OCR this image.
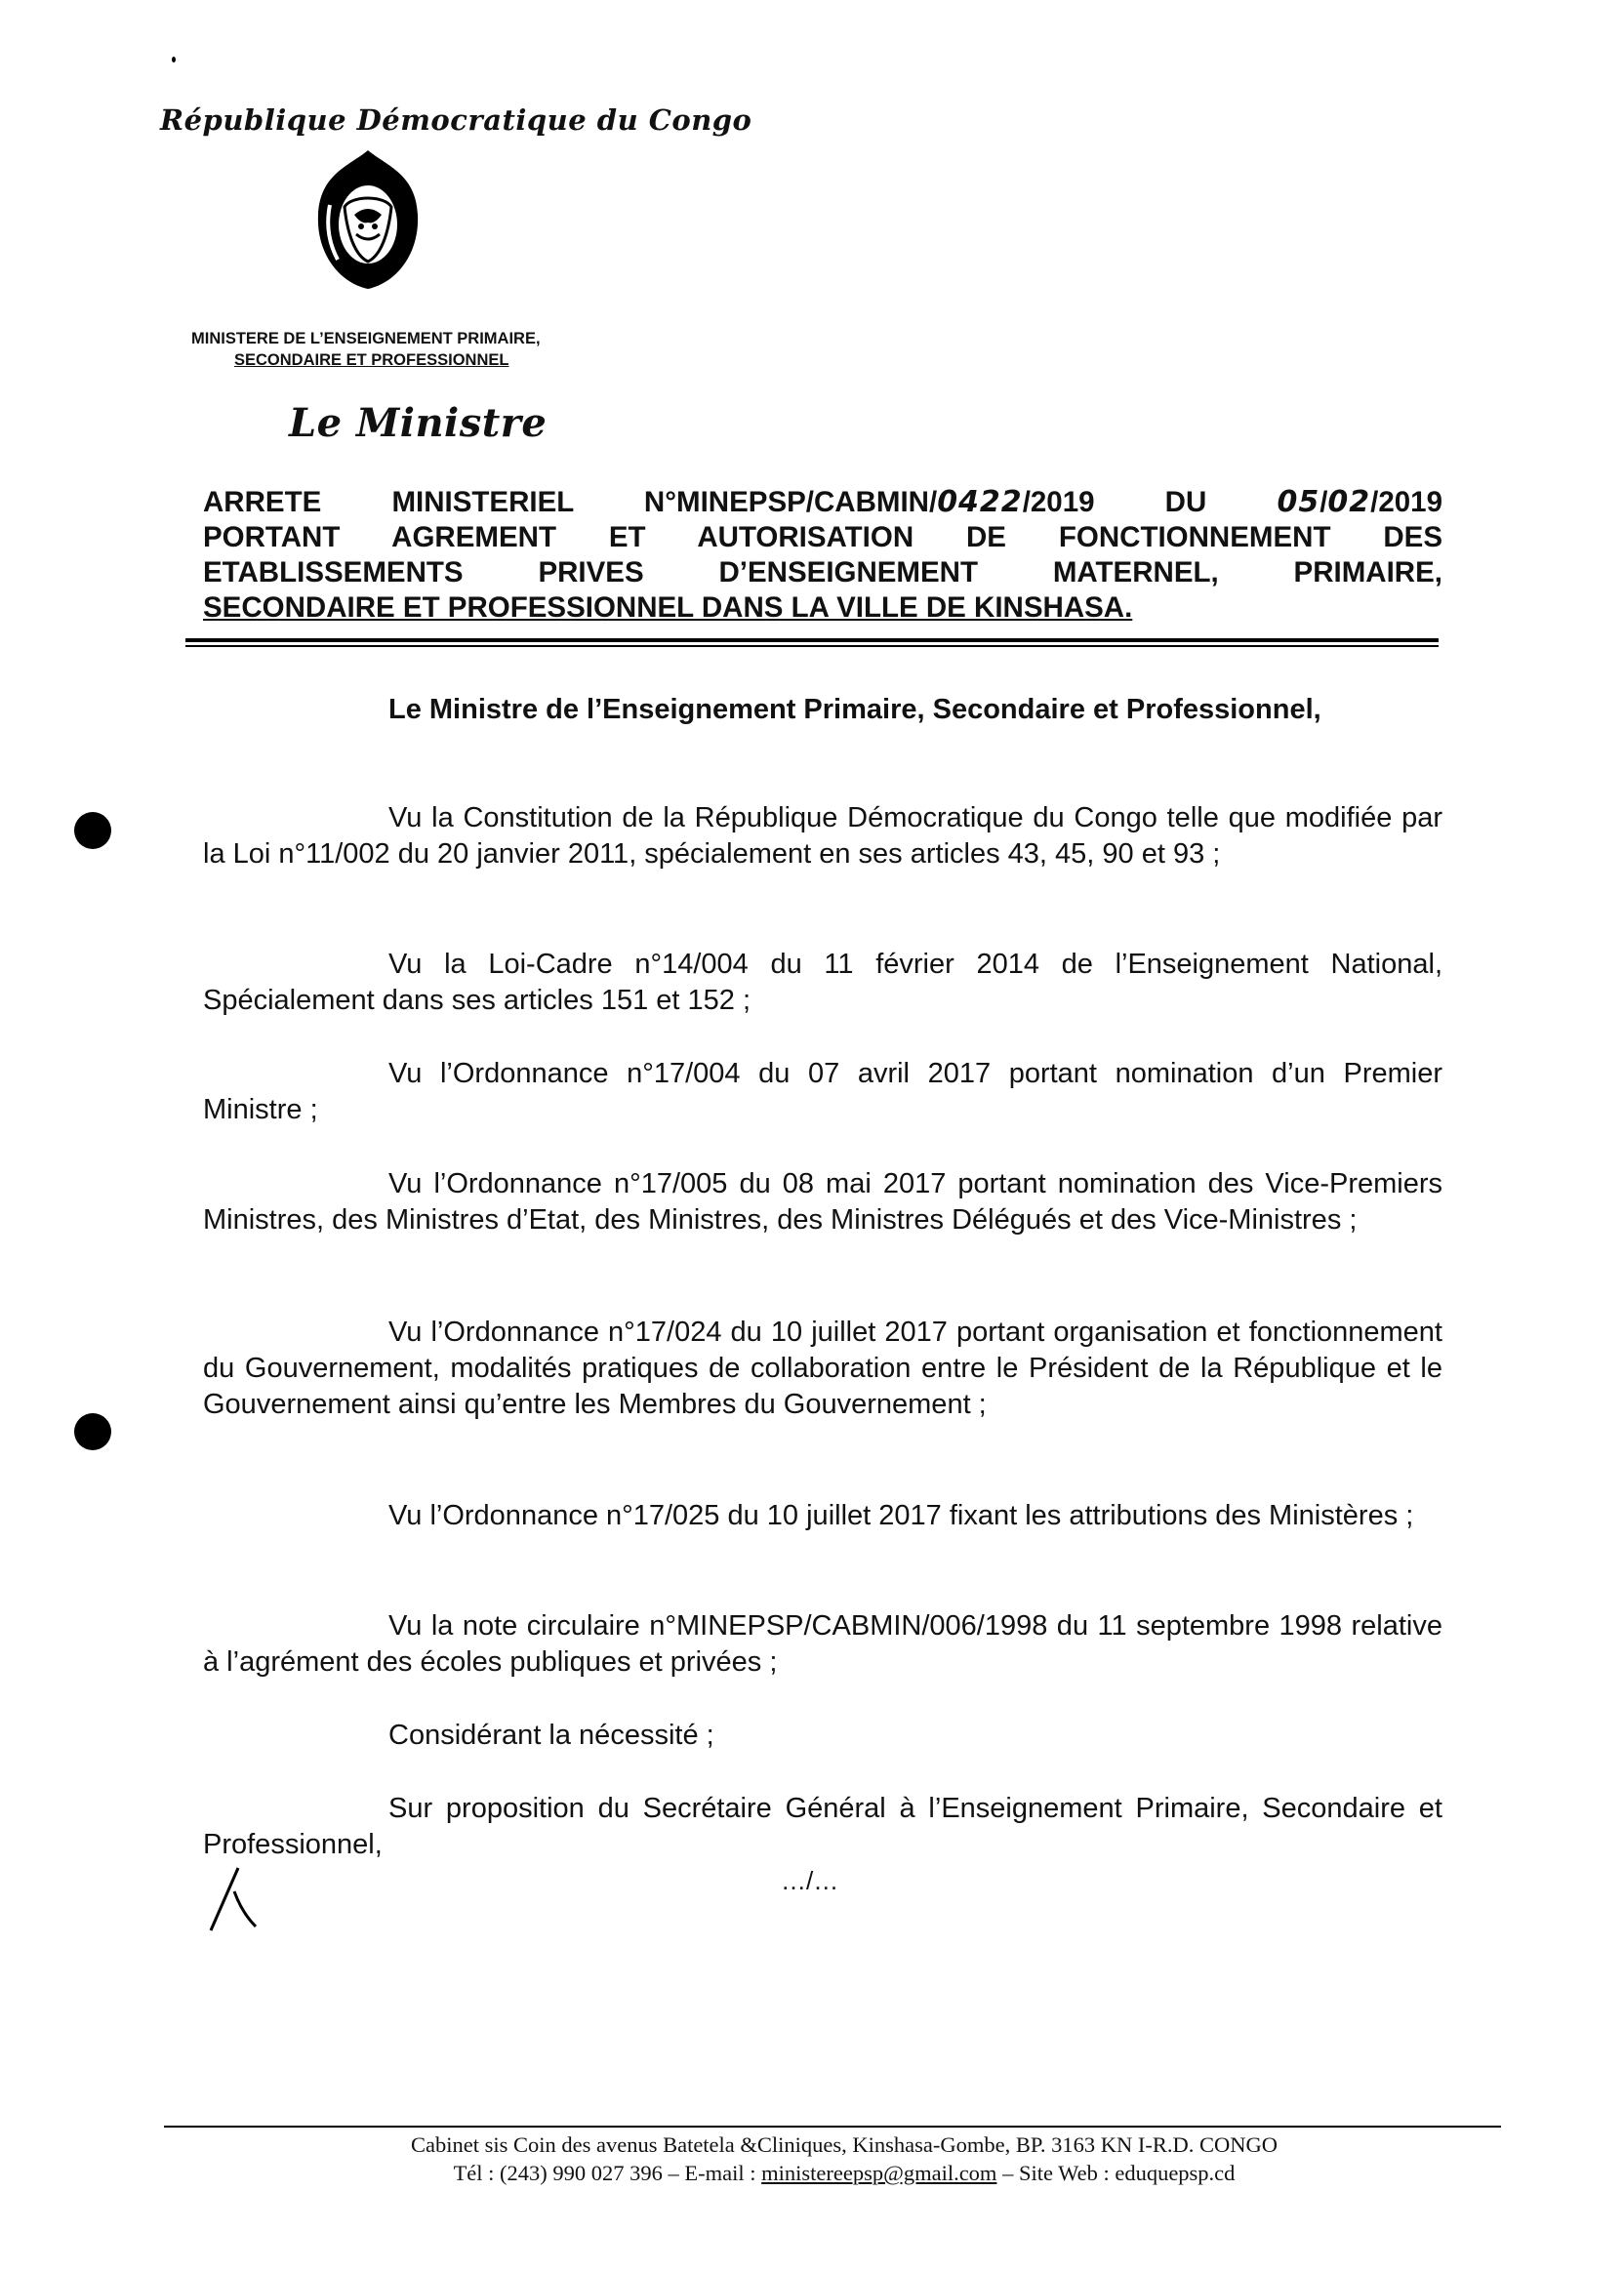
République Démocratique du Congo
MINISTERE DE L’ENSEIGNEMENT PRIMAIRE,
SECONDAIRE ET PROFESSIONNEL
Le Ministre
ARRETE MINISTERIEL N°MINEPSP/CABMIN/0422/2019 DU 05/02/2019
PORTANT AGREMENT ET AUTORISATION DE FONCTIONNEMENT DES
ETABLISSEMENTS PRIVES D’ENSEIGNEMENT MATERNEL, PRIMAIRE,
SECONDAIRE ET PROFESSIONNEL DANS LA VILLE DE KINSHASA.
Le Ministre de l’Enseignement Primaire, Secondaire et Professionnel,
Vu la Constitution de la République Démocratique du Congo telle que modifiée par la Loi n°11/002 du 20 janvier 2011, spécialement en ses articles 43, 45, 90 et 93 ;
Vu la Loi-Cadre n°14/004 du 11 février 2014 de l’Enseignement National, Spécialement dans ses articles 151 et 152 ;
Vu l’Ordonnance n°17/004 du 07 avril 2017 portant nomination d’un Premier Ministre ;
Vu l’Ordonnance n°17/005 du 08 mai 2017 portant nomination des Vice-Premiers Ministres, des Ministres d’Etat, des Ministres, des Ministres Délégués et des Vice-Ministres ;
Vu l’Ordonnance n°17/024 du 10 juillet 2017 portant organisation et fonctionnement du Gouvernement, modalités pratiques de collaboration entre le Président de la République et le Gouvernement ainsi qu’entre les Membres du Gouvernement ;
Vu l’Ordonnance n°17/025 du 10 juillet 2017 fixant les attributions des Ministères ;
Vu la note circulaire n°MINEPSP/CABMIN/006/1998 du 11 septembre 1998 relative à l’agrément des écoles publiques et privées ;
Considérant la nécessité ;
Sur proposition du Secrétaire Général à l’Enseignement Primaire, Secondaire et Professionnel,
…/…
Cabinet sis Coin des avenus Batetela &Cliniques, Kinshasa-Gombe, BP. 3163 KN I-R.D. CONGO
Tél : (243) 990 027 396 – E-mail : ministereepsp@gmail.com – Site Web : eduquepsp.cd
